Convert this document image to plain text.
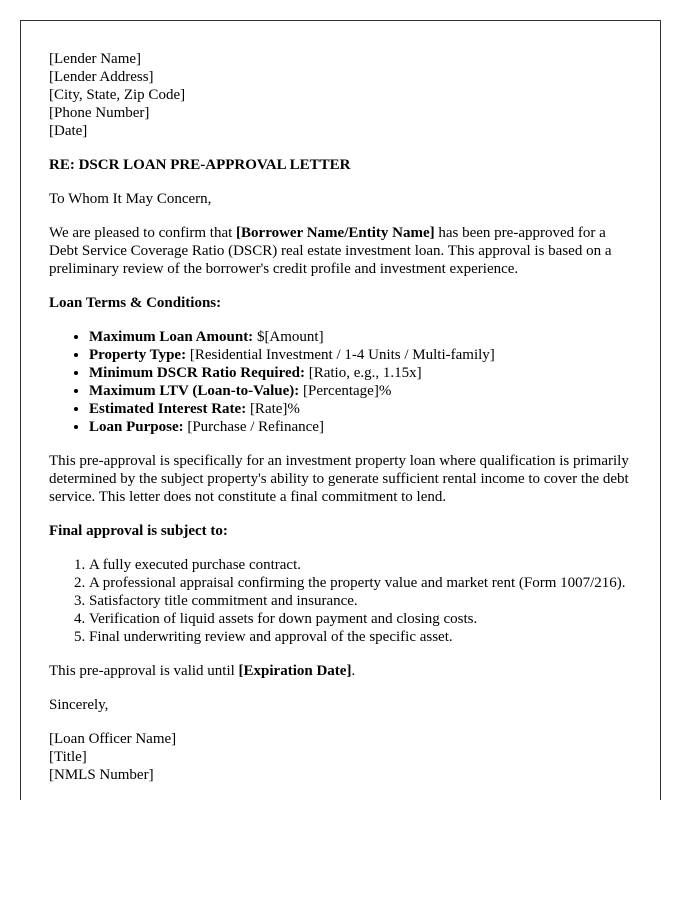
[Lender Name]
[Lender Address]
[City, State, Zip Code]
[Phone Number]
[Date]

RE: DSCR LOAN PRE-APPROVAL LETTER

To Whom It May Concern,

We are pleased to confirm that [Borrower Name/Entity Name] has been pre-approved for a Debt Service Coverage Ratio (DSCR) real estate investment loan. This approval is based on a preliminary review of the borrower's credit profile and investment experience.

Loan Terms & Conditions:

• Maximum Loan Amount: $[Amount]
• Property Type: [Residential Investment / 1-4 Units / Multi-family]
• Minimum DSCR Ratio Required: [Ratio, e.g., 1.15x]
• Maximum LTV (Loan-to-Value): [Percentage]%
• Estimated Interest Rate: [Rate]%
• Loan Purpose: [Purchase / Refinance]

This pre-approval is specifically for an investment property loan where qualification is primarily determined by the subject property's ability to generate sufficient rental income to cover the debt service. This letter does not constitute a final commitment to lend.

Final approval is subject to:

1. A fully executed purchase contract.
2. A professional appraisal confirming the property value and market rent (Form 1007/216).
3. Satisfactory title commitment and insurance.
4. Verification of liquid assets for down payment and closing costs.
5. Final underwriting review and approval of the specific asset.

This pre-approval is valid until [Expiration Date].

Sincerely,

[Loan Officer Name]
[Title]
[NMLS Number]
